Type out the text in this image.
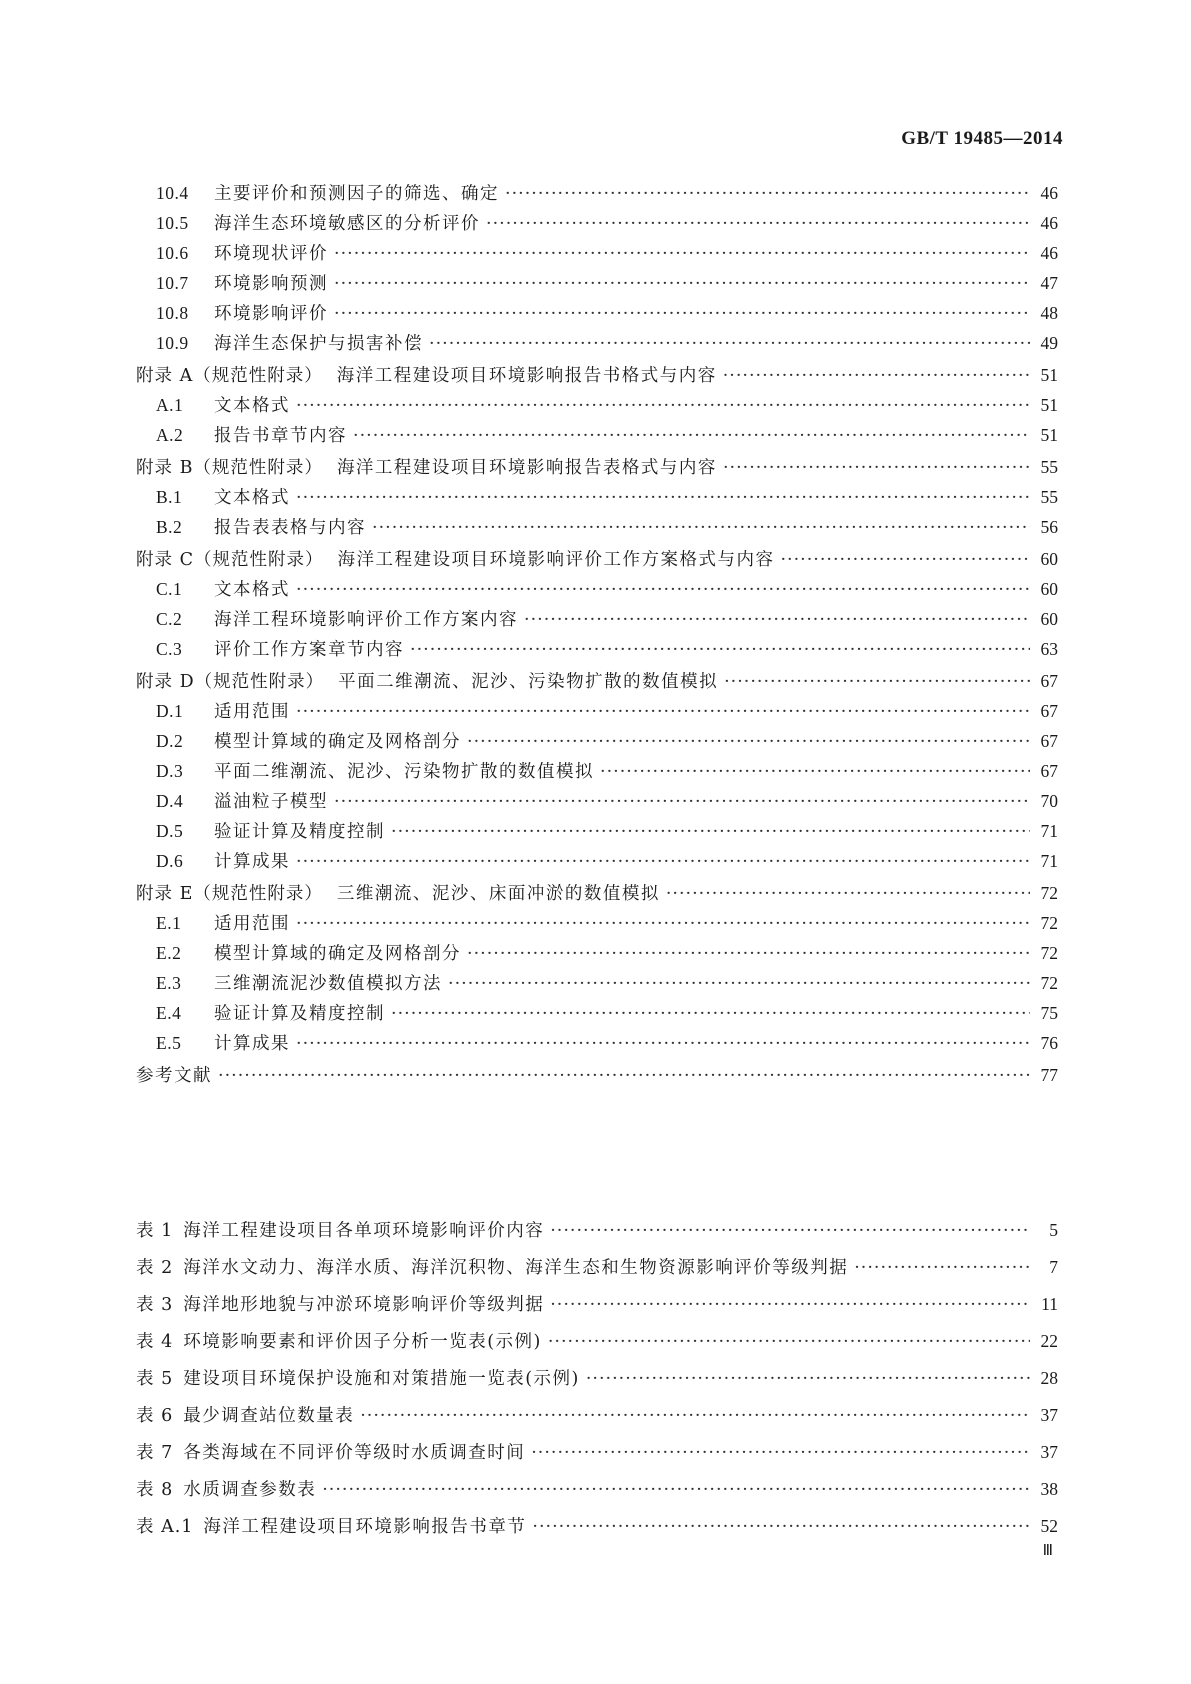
GB/T 19485—2014
10.4	主要评价和预测因子的筛选、确定 ·····	46
10.5	海洋生态环境敏感区的分析评价 ·····	46
10.6	环境现状评价 ·····	46
10.7	环境影响预测 ·····	47
10.8	环境影响评价 ·····	48
10.9	海洋生态保护与损害补偿 ·····	49
附录 A（规范性附录） 海洋工程建设项目环境影响报告书格式与内容 ·····	51
A.1	文本格式 ·····	51
A.2	报告书章节内容 ·····	51
附录 B（规范性附录） 海洋工程建设项目环境影响报告表格式与内容 ·····	55
B.1	文本格式 ·····	55
B.2	报告表表格与内容 ·····	56
附录 C（规范性附录） 海洋工程建设项目环境影响评价工作方案格式与内容 ·····	60
C.1	文本格式 ·····	60
C.2	海洋工程环境影响评价工作方案内容 ·····	60
C.3	评价工作方案章节内容 ·····	63
附录 D（规范性附录） 平面二维潮流、泥沙、污染物扩散的数值模拟 ·····	67
D.1	适用范围 ·····	67
D.2	模型计算域的确定及网格剖分 ·····	67
D.3	平面二维潮流、泥沙、污染物扩散的数值模拟 ·····	67
D.4	溢油粒子模型 ·····	70
D.5	验证计算及精度控制 ·····	71
D.6	计算成果 ·····	71
附录 E（规范性附录） 三维潮流、泥沙、床面冲淤的数值模拟 ·····	72
E.1	适用范围 ·····	72
E.2	模型计算域的确定及网格剖分 ·····	72
E.3	三维潮流泥沙数值模拟方法 ·····	72
E.4	验证计算及精度控制 ·····	75
E.5	计算成果 ·····	76
参考文献 ·····	77
表 1 海洋工程建设项目各单项环境影响评价内容 ·····	5
表 2 海洋水文动力、海洋水质、海洋沉积物、海洋生态和生物资源影响评价等级判据 ·····	7
表 3 海洋地形地貌与冲淤环境影响评价等级判据 ·····	11
表 4 环境影响要素和评价因子分析一览表(示例) ·····	22
表 5 建设项目环境保护设施和对策措施一览表(示例) ·····	28
表 6 最少调查站位数量表 ·····	37
表 7 各类海域在不同评价等级时水质调查时间 ·····	37
表 8 水质调查参数表 ·····	38
表 A.1 海洋工程建设项目环境影响报告书章节 ·····	52
Ⅲ
